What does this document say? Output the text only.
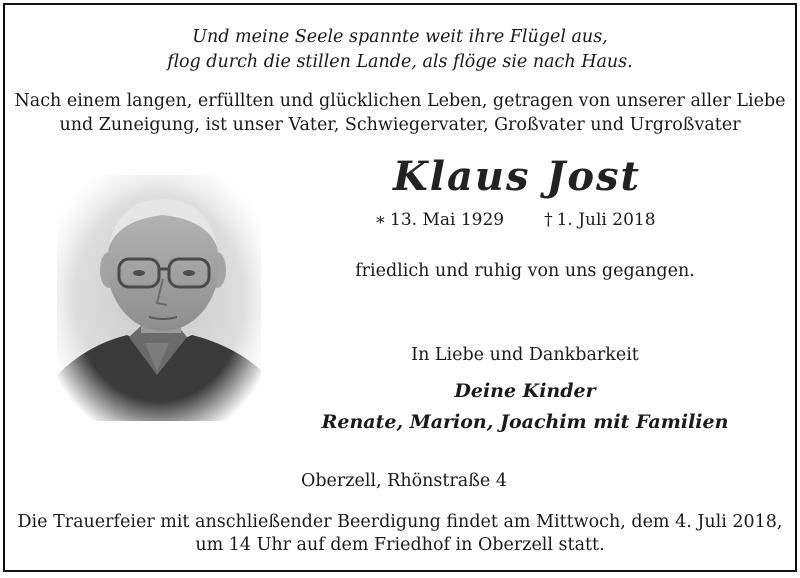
Und meine Seele spannte weit ihre Flügel aus,
flog durch die stillen Lande, als flöge sie nach Haus.
Nach einem langen, erfüllten und glücklichen Leben, getragen von unserer aller Liebe
und Zuneigung, ist unser Vater, Schwiegervater, Großvater und Urgroßvater
Klaus Jost
∗ 13. Mai 1929 † 1. Juli 2018
friedlich und ruhig von uns gegangen.
In Liebe und Dankbarkeit
Deine Kinder
Renate, Marion, Joachim mit Familien
Oberzell, Rhönstraße 4
Die Trauerfeier mit anschließender Beerdigung findet am Mittwoch, dem 4. Juli 2018,
um 14 Uhr auf dem Friedhof in Oberzell statt.
